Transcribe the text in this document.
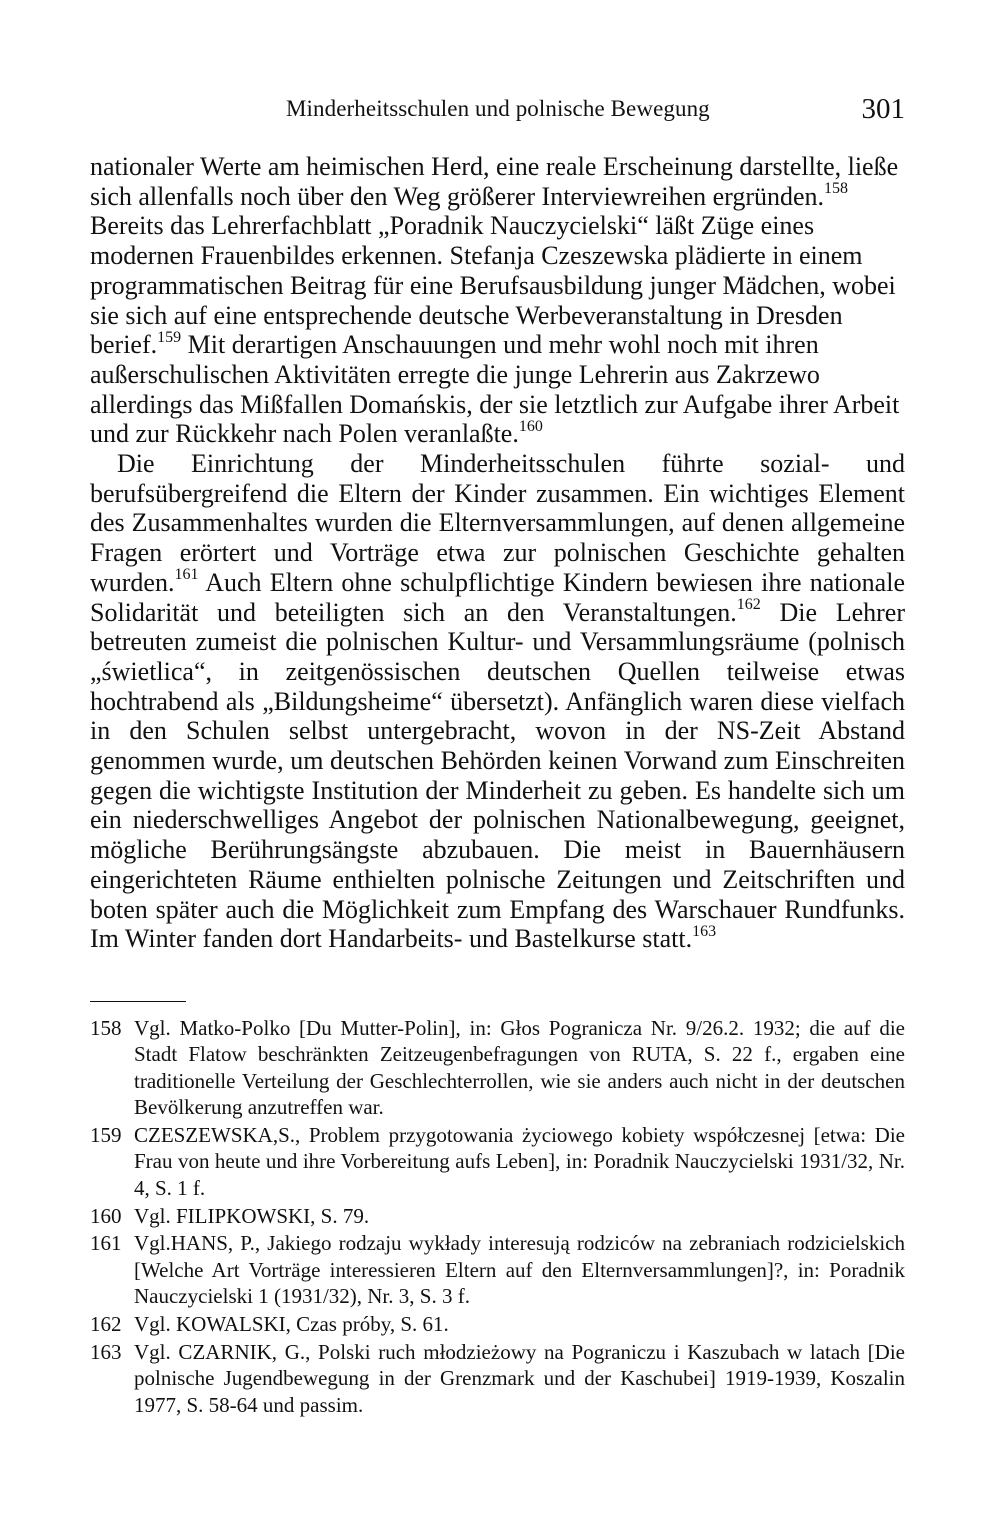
Minderheitsschulen und polnische Bewegung	301

nationaler Werte am heimischen Herd, eine reale Erscheinung darstellte, ließe sich allenfalls noch über den Weg größerer Interviewreihen ergründen.$^{158}$ Bereits das Lehrerfachblatt „Poradnik Nauczycielski“ läßt Züge eines modernen Frauenbildes erkennen. Stefanja Czeszewska plädierte in einem programmatischen Beitrag für eine Berufsausbildung junger Mädchen, wobei sie sich auf eine entsprechende deutsche Werbeveranstaltung in Dresden berief.$^{159}$ Mit derartigen Anschauungen und mehr wohl noch mit ihren außerschulischen Aktivitäten erregte die junge Lehrerin aus Zakrzewo allerdings das Mißfallen Domańskis, der sie letztlich zur Aufgabe ihrer Arbeit und zur Rückkehr nach Polen veranlaßte.$^{160}$

Die Einrichtung der Minderheitsschulen führte sozial- und berufsübergreifend die Eltern der Kinder zusammen. Ein wichtiges Element des Zusammenhaltes wurden die Elternversammlungen, auf denen allgemeine Fragen erörtert und Vorträge etwa zur polnischen Geschichte gehalten wurden.$^{161}$ Auch Eltern ohne schulpflichtige Kindern bewiesen ihre nationale Solidarität und beteiligten sich an den Veranstaltungen.$^{162}$ Die Lehrer betreuten zumeist die polnischen Kultur- und Versammlungsräume (polnisch „świetlica“, in zeitgenössischen deutschen Quellen teilweise etwas hochtrabend als „Bildungsheime“ übersetzt). Anfänglich waren diese vielfach in den Schulen selbst untergebracht, wovon in der NS-Zeit Abstand genommen wurde, um deutschen Behörden keinen Vorwand zum Einschreiten gegen die wichtigste Institution der Minderheit zu geben. Es handelte sich um ein niederschwelliges Angebot der polnischen Nationalbewegung, geeignet, mögliche Berührungsängste abzubauen. Die meist in Bauernhäusern eingerichteten Räume enthielten polnische Zeitungen und Zeitschriften und boten später auch die Möglichkeit zum Empfang des Warschauer Rundfunks. Im Winter fanden dort Handarbeits- und Bastelkurse statt.$^{163}$

158 Vgl. Matko-Polko [Du Mutter-Polin], in: Głos Pogranicza Nr. 9/26.2. 1932; die auf die Stadt Flatow beschränkten Zeitzeugenbefragungen von RUTA, S. 22 f., ergaben eine traditionelle Verteilung der Geschlechterrollen, wie sie anders auch nicht in der deutschen Bevölkerung anzutreffen war.
159 CZESZEWSKA,S., Problem przygotowania życiowego kobiety współczesnej [etwa: Die Frau von heute und ihre Vorbereitung aufs Leben], in: Poradnik Nauczycielski 1931/32, Nr. 4, S. 1 f.
160 Vgl. FILIPKOWSKI, S. 79.
161 Vgl.HANS, P., Jakiego rodzaju wykłady interesują rodziców na zebraniach rodzicielskich [Welche Art Vorträge interessieren Eltern auf den Elternversammlungen]?, in: Poradnik Nauczycielski 1 (1931/32), Nr. 3, S. 3 f.
162 Vgl. KOWALSKI, Czas próby, S. 61.
163 Vgl. CZARNIK, G., Polski ruch młodzieżowy na Pograniczu i Kaszubach w latach [Die polnische Jugendbewegung in der Grenzmark und der Kaschubei] 1919-1939, Koszalin 1977, S. 58-64 und passim.
